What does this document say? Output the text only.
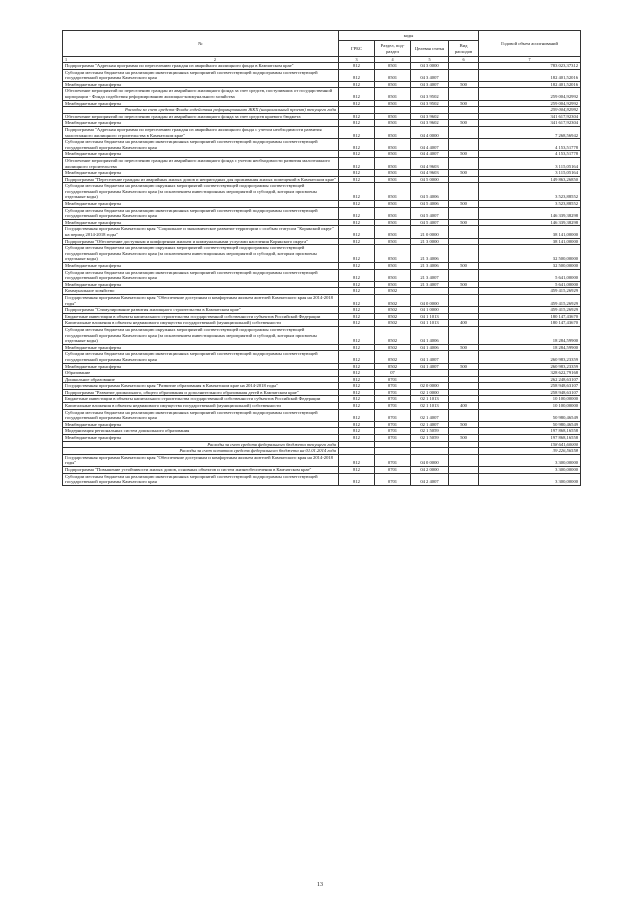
№	коды				Годовой объем ассигнований
	ГРБС	Раздел, под-раздел	Целевая статья	Вид расходов	
1 2	3	4	5	6	7
Подпрограмма "Адресная программа по переселению граждан из аварийного жилищного фонда в Камчатском крае"	812	0501	04 3 0000		783 023,37312
Субсидии местным бюджетам на реализацию инвестиционных мероприятий соответствующей подпрограммы соответствующей государственной программы Камчатского края	812	0501	04 3 4007		182 401,52016
Межбюджетные трансферты	812	0501	04 3 4007	500	182 401,52016
Обеспечение мероприятий по переселению граждан из аварийного жилищного фонда за счет средств, поступивших от государственной корпорации - Фонда содействия реформированию жилищно-коммунального хозяйства	812	0501	04 3 9502		259 004,92992
Межбюджетные трансферты	812	0501	04 3 9502	500	259 004,92992
Расходы за счет средств Фонда содействия реформированию ЖКХ (национальный проект) текущего года					259 004,92992
Обеспечение мероприятий по переселению граждан из аварийного жилищного фонда за счет средств краевого бюджета	812	0501	04 3 9602		341 617,92304
Межбюджетные трансферты	812	0501	04 3 9602	500	341 617,92304
Подпрограмма "Адресная программа по переселению граждан из аварийного жилищного фонда с учетом необходимости развития малоэтажного жилищного строительства в Камчатском крае"	812	0501	04 4 0000		7 268,56942
Субсидии местным бюджетам на реализацию инвестиционных мероприятий соответствующей подпрограммы соответствующей государственной программы Камчатского края	812	0501	04 4 4007		4 153,51778
Межбюджетные трансферты	812	0501	04 4 4007	500	4 153,51778
Обеспечение мероприятий по переселению граждан из аварийного жилищного фонда с учетом необходимости развития малоэтажного жилищного строительства	812	0501	04 4 9603		3 115,05164
Межбюджетные трансферты	812	0501	04 4 9603	500	3 115,05164
Подпрограмма "Переселение граждан из аварийных жилых домов и непригодных для проживания жилых помещений в Камчатском крае"	812	0501	04 5 0000		149 863,26850
Субсидии местным бюджетам на реализацию окружных мероприятий соответствующей подпрограммы соответствующей государственной программы Камчатского края (за исключением инвестиционных мероприятий и субсидий, которым присвоены отдельные коды)	812	0501	04 5 4006		3 523,88552
Межбюджетные трансферты	812	0501	04 5 4006	500	3 523,88552
Субсидии местным бюджетам на реализацию инвестиционных мероприятий соответствующей подпрограммы соответствующей государственной программы Камчатского края	812	0501	04 5 4007		146 339,38298
Межбюджетные трансферты	812	0501	04 5 4007	500	146 339,38298
Государственная программа Камчатского края "Социальное и экономическое развитие территории с особым статусом "Корякский округ" на период 2014-2018 годы"	812	0501	21 0 0000		38 141,00000
Подпрограмма "Обеспечение доступным и комфортным жильем и коммунальными услугами населения Корякского округа"	812	0501	21 3 0000		38 141,00000
Субсидии местным бюджетам на реализацию окружных мероприятий соответствующей подпрограммы соответствующей государственной программы Камчатского края (за исключением инвестиционных мероприятий и субсидий, которым присвоены отдельные коды)	812	0501	21 3 4006		32 500,00000
Межбюджетные трансферты	812	0501	21 3 4006	500	32 500,00000
Субсидии местным бюджетам на реализацию инвестиционных мероприятий соответствующей подпрограммы соответствующей государственной программы Камчатского края	812	0501	21 3 4007		5 641,00000
Межбюджетные трансферты	812	0501	21 3 4007	500	5 641,00000
Коммунальное хозяйство	812	0502			459 415,26929
Государственная программа Камчатского края "Обеспечение доступным и комфортным жильем жителей Камчатского края на 2014-2018 годы"	812	0502	04 0 0000		459 415,26929
Подпрограмма "Стимулирование развития жилищного строительства в Камчатском крае"	812	0502	04 1 0000		459 415,26929
Бюджетные инвестиции в объекты капитального строительства государственной собственности субъектов Российской Федерации	812	0502	04 1 1013		180 147,43670
Капитальные вложения в объекты недвижимого имущества государственной (муниципальной) собственности	812	0502	04 1 1013	400	180 147,43670
Субсидии местным бюджетам на реализацию окружных мероприятий соответствующей подпрограммы соответствующей государственной программы Камчатского края (за исключением инвестиционных мероприятий и субсидий, которым присвоены отдельные коды)	812	0502	04 1 4006		18 284,59900
Межбюджетные трансферты	812	0502	04 1 4006	500	18 284,59900
Субсидии местным бюджетам на реализацию инвестиционных мероприятий соответствующей подпрограммы соответствующей государственной программы Камчатского края	812	0502	04 1 4007		260 983,23359
Межбюджетные трансферты	812	0502	04 1 4007	500	260 983,23359
Образование	812	07			328 622,79168
Дошкольное образование	812	0701			262 248,63107
Государственная программа Камчатского края "Развитие образования в Камчатском крае на 2014-2018 годы"	812	0701	02 0 0000		258 948,63107
Подпрограмма "Развитие дошкольного, общего образования и дополнительного образования детей в Камчатском крае"	812	0701	02 1 0000		258 948,63107
Бюджетные инвестиции в объекты капитального строительства государственной собственности субъектов Российской Федерации	812	0701	02 1 1013		10 100,00000
Капитальные вложения в объекты недвижимого имущества государственной (муниципальной) собственности	812	0701	02 1 1013	400	10 100,00000
Субсидии местным бюджетам на реализацию инвестиционных мероприятий соответствующей подпрограммы соответствующей государственной программы Камчатского края	812	0701	02 1 4007		50 980,46549
Межбюджетные трансферты	812	0701	02 1 4007	500	50 980,46549
Модернизация региональных систем дошкольного образования	812	0701	02 1 5059		197 868,16558
Межбюджетные трансферты	812	0701	02 1 5059	500	197 868,16558
Расходы за счет средств федерального бюджета текущего года					158 641,60000
Расходы за счет остатков средств федерального бюджета на 01.01.2014 года					39 226,56558
Государственная программа Камчатского края "Обеспечение доступным и комфортным жильем жителей Камчатского края на 2014-2018 годы"	812	0701	04 0 0000		3 300,00000
Подпрограмма "Повышение устойчивости жилых домов, основных объектов и систем жизнеобеспечения в Камчатском крае"	812	0701	04 2 0000		3 300,00000
Субсидии местным бюджетам на реализацию инвестиционных мероприятий соответствующей подпрограммы соответствующей государственной программы Камчатского края	812	0701	04 2 4007		3 300,00000
13
